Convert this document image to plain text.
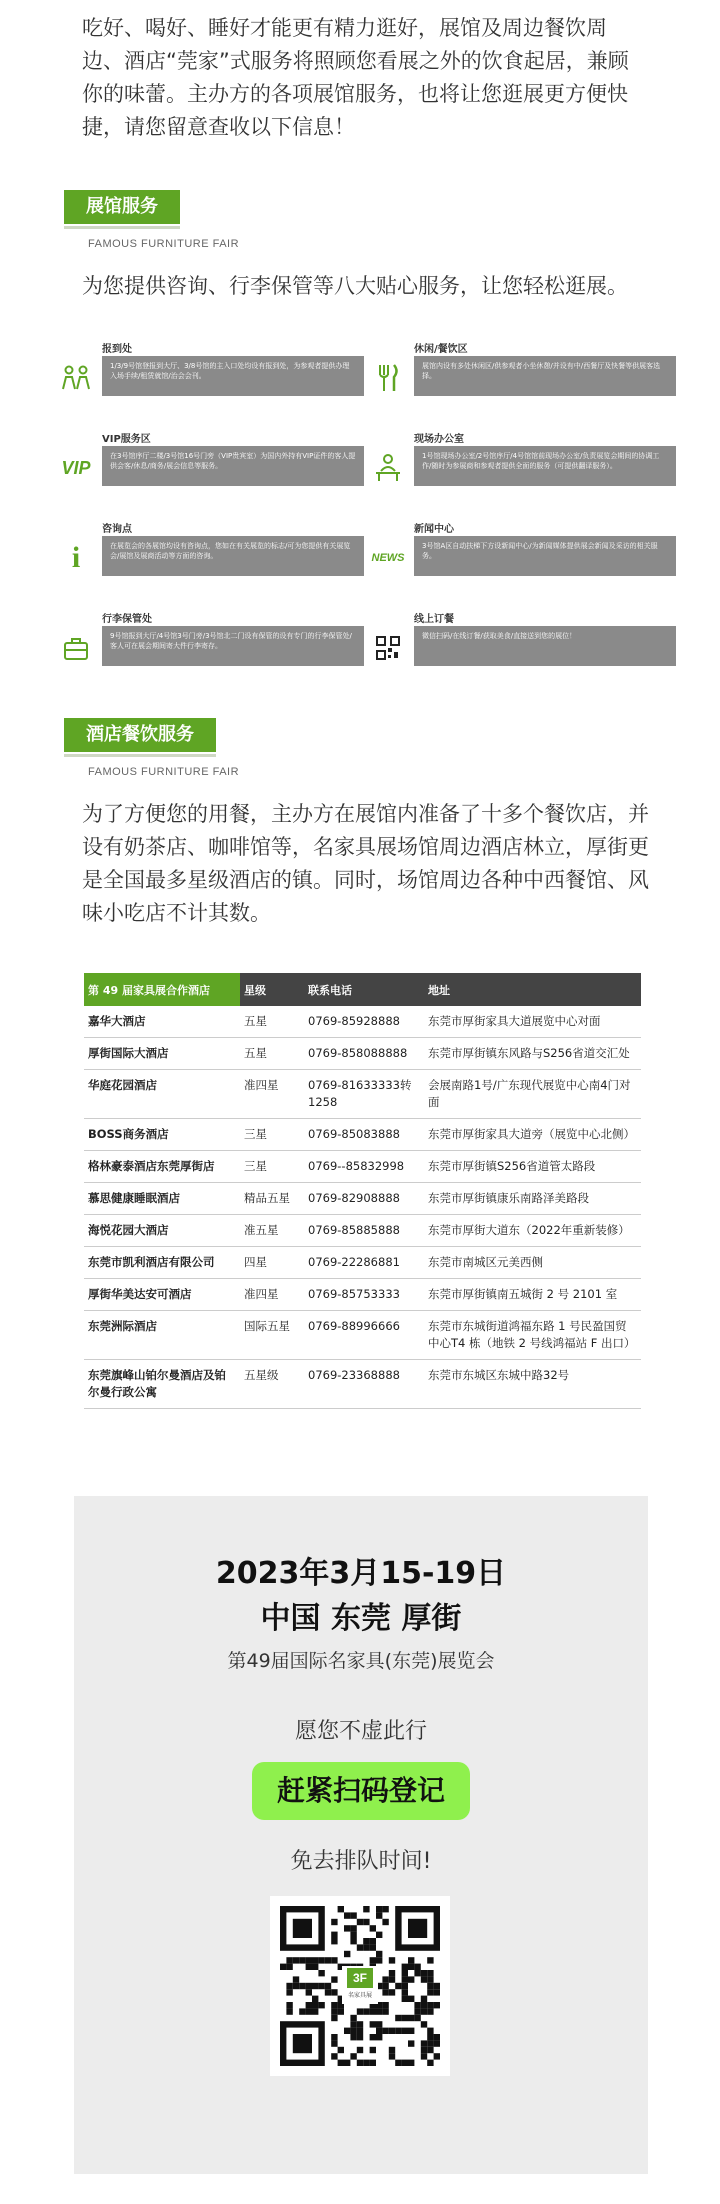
吃好、喝好、睡好才能更有精力逛好，展馆及周边餐饮周边、酒店“莞家”式服务将照顾您看展之外的饮食起居，兼顾你的味蕾。主办方的各项展馆服务，也将让您逛展更方便快捷，请您留意查收以下信息！
展馆服务
FAMOUS FURNITURE FAIR
为您提供咨询、行李保管等八大贴心服务，让您轻松逛展。
报到处
1/3/9号馆登报到大厅、3/8号馆的主入口处均设有报到处，为参观者提供办理入场手续/租赁就馆/治会会刊。
休闲/餐饮区
展馆内设有多处休闲区/供参观者小坐休憩/并设有中/西餐厅及快餐等供展客选择。
VIP
VIP服务区
在3号馆序厅二楼/3号馆16号门旁（VIP贵宾室）为国内外持有VIP证件的客人提供会客/休息/商务/展会信息等服务。
现场办公室
1号馆现场办公室/2号馆序厅/4号馆馆前现场办公室/负责展览会期间的协调工作/随时为参展商和参观者提供全面的服务（可提供翻译服务）。
i
咨询点
在展览会的各展馆均设有咨询点，您如在有关展览的标志/可为您提供有关展览会/展馆及展商活动等方面的咨询。	NEWS
新闻中心
3号馆A区自动扶梯下方设新闻中心/为新闻媒体提供展会新闻及采访的相关服务。
行李保管处
9号馆报到大厅/4号馆3号门旁/3号馆北二门设有保管的设有专门的行李保管处/客人可在展会期间寄大件行李寄存。
线上订餐
微信扫码/在线订餐/获取美食/直接送到您的展位！
酒店餐饮服务
FAMOUS FURNITURE FAIR
为了方便您的用餐，主办方在展馆内准备了十多个餐饮店，并设有奶茶店、咖啡馆等，名家具展场馆周边酒店林立，厚街更是全国最多星级酒店的镇。同时，场馆周边各种中西餐馆、风味小吃店不计其数。
第 49 届家具展合作酒店	星级	联系电话	地址
嘉华大酒店	五星	0769-85928888	东莞市厚街家具大道展览中心对面
厚街国际大酒店	五星	0769-858088888	东莞市厚街镇东风路与S256省道交汇处
华庭花园酒店	准四星	0769-81633333转1258	会展南路1号/广东现代展览中心南4门对面
BOSS商务酒店	三星	0769-85083888	东莞市厚街家具大道旁（展览中心北侧）
格林豪泰酒店东莞厚街店	三星	0769--85832998	东莞市厚街镇S256省道管太路段
慕思健康睡眠酒店	精品五星	0769-82908888	东莞市厚街镇康乐南路泽美路段
海悦花园大酒店	准五星	0769-85885888	东莞市厚街大道东（2022年重新装修）
东莞市凯利酒店有限公司	四星	0769-22286881	东莞市南城区元美西侧
厚街华美达安可酒店	准四星	0769-85753333	东莞市厚街镇南五城街 2 号 2101 室
东莞洲际酒店	国际五星	0769-88996666	东莞市东城街道鸿福东路 1 号民盈国贸中心T4 栋（地铁 2 号线鸿福站 F 出口）
东莞旗峰山铂尔曼酒店及铂尔曼行政公寓	五星级	0769-23368888	东莞市东城区东城中路32号
2023年3月15-19日
中国 东莞 厚街
第49届国际名家具(东莞)展览会
愿您不虚此行
赶紧扫码登记
免去排队时间!
3F
名家具展
